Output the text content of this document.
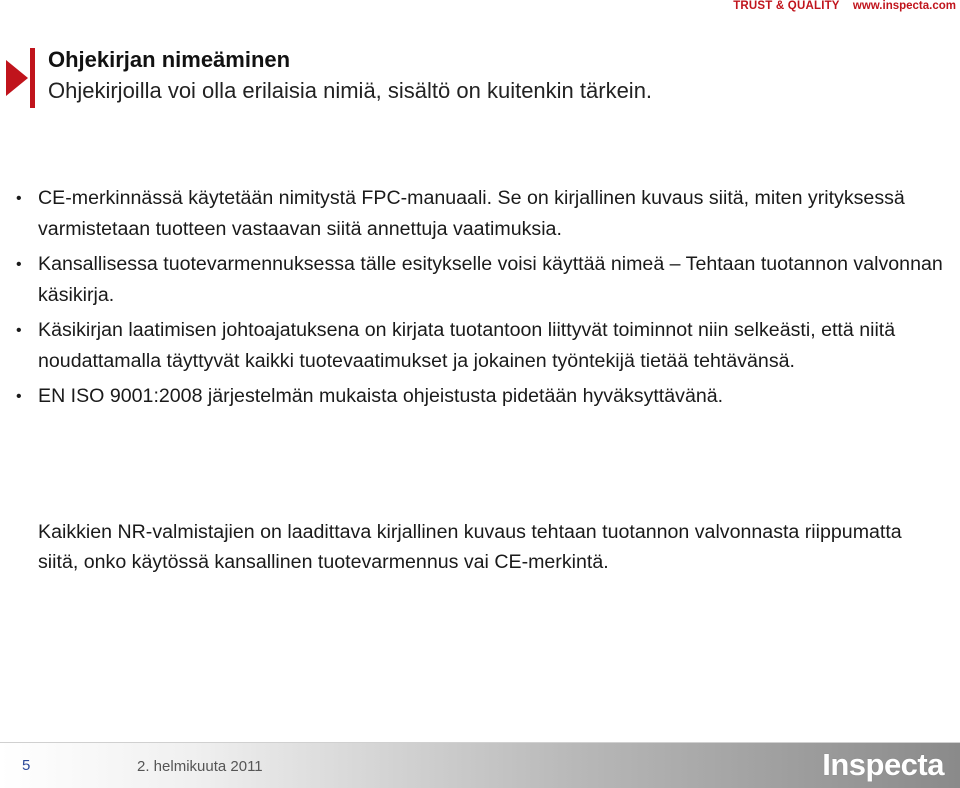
TRUST & QUALITY www.inspecta.com
Ohjekirjan nimeäminen
Ohjekirjoilla voi olla erilaisia nimiä, sisältö on kuitenkin tärkein.
• CE-merkinnässä käytetään nimitystä FPC-manuaali. Se on kirjallinen kuvaus siitä, miten yrityksessä varmistetaan tuotteen vastaavan siitä annettuja vaatimuksia.
• Kansallisessa tuotevarmennuksessa tälle esitykselle voisi käyttää nimeä – Tehtaan tuotannon valvonnan käsikirja.
• Käsikirjan laatimisen johtoajatuksena on kirjata tuotantoon liittyvät toiminnot niin selkeästi, että niitä noudattamalla täyttyvät kaikki tuotevaatimukset ja jokainen työntekijä tietää tehtävänsä.
• EN ISO 9001:2008 järjestelmän mukaista ohjeistusta pidetään hyväksyttävänä.
Kaikkien NR-valmistajien on laadittava kirjallinen kuvaus tehtaan tuotannon valvonnasta riippumatta siitä, onko käytössä kansallinen tuotevarmennus vai CE-merkintä.
5	2. helmikuuta 2011	Inspecta
